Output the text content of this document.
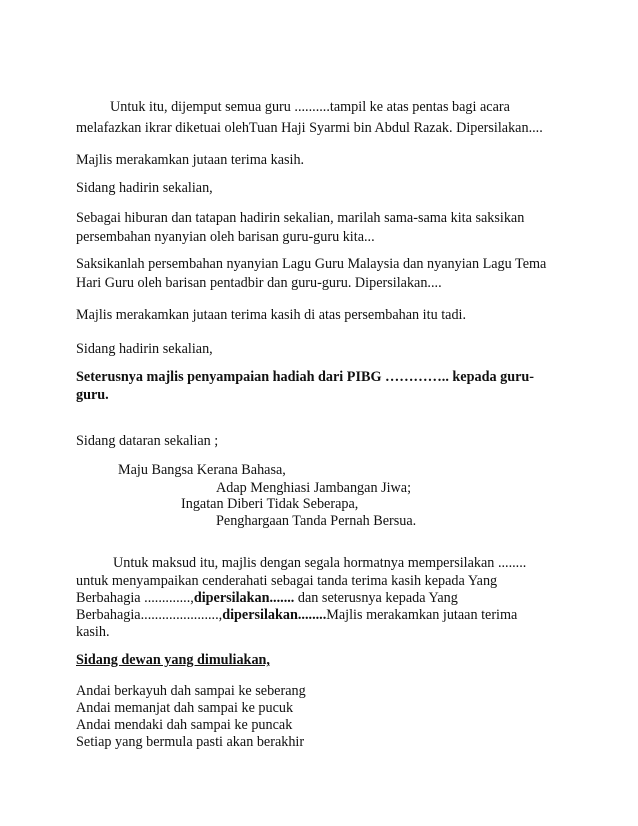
Untuk itu, dijemput semua guru ..........tampil ke atas pentas bagi acara
melafazkan ikrar diketuai olehTuan Haji Syarmi bin Abdul Razak. Dipersilakan....
Majlis merakamkan jutaan terima kasih.
Sidang hadirin sekalian,
Sebagai hiburan dan tatapan hadirin sekalian, marilah sama-sama kita saksikan
persembahan nyanyian oleh barisan guru-guru kita...
Saksikanlah persembahan nyanyian Lagu Guru Malaysia dan nyanyian Lagu Tema
Hari Guru oleh barisan pentadbir dan guru-guru. Dipersilakan....
Majlis merakamkan jutaan terima kasih di atas persembahan itu tadi.
Sidang hadirin sekalian,
Seterusnya majlis penyampaian hadiah dari PIBG ………….. kepada guru-
guru.
Sidang dataran sekalian ;
Maju Bangsa Kerana Bahasa,
Adap Menghiasi Jambangan Jiwa;
Ingatan Diberi Tidak Seberapa,
Penghargaan Tanda Pernah Bersua.
Untuk maksud itu, majlis dengan segala hormatnya mempersilakan ........
untuk menyampaikan cenderahati sebagai tanda terima kasih kepada Yang
Berbahagia .............,dipersilakan....... dan seterusnya kepada Yang
Berbahagia......................,dipersilakan........Majlis merakamkan jutaan terima
kasih.
Sidang dewan yang dimuliakan,
Andai berkayuh dah sampai ke seberang
Andai memanjat dah sampai ke pucuk
Andai mendaki dah sampai ke puncak
Setiap yang bermula pasti akan berakhir
